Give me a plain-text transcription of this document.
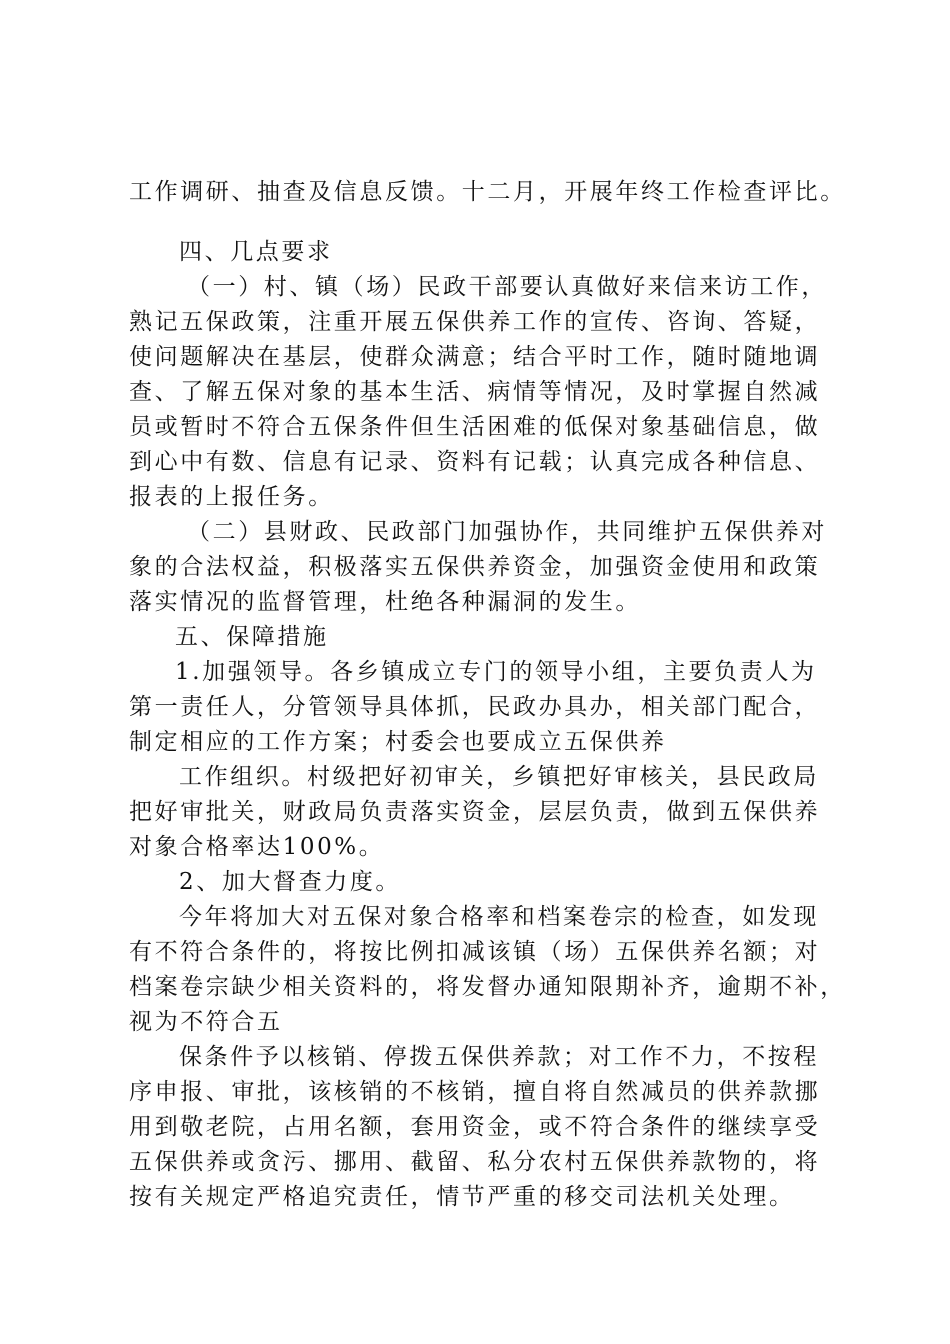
工作调研、抽查及信息反馈。十二月，开展年终工作检查评比。
四、几点要求
（一）村、镇（场）民政干部要认真做好来信来访工作，
熟记五保政策，注重开展五保供养工作的宣传、咨询、答疑，
使问题解决在基层，使群众满意；结合平时工作，随时随地调
查、了解五保对象的基本生活、病情等情况，及时掌握自然减
员或暂时不符合五保条件但生活困难的低保对象基础信息，做
到心中有数、信息有记录、资料有记载；认真完成各种信息、
报表的上报任务。
（二）县财政、民政部门加强协作，共同维护五保供养对
象的合法权益，积极落实五保供养资金，加强资金使用和政策
落实情况的监督管理，杜绝各种漏洞的发生。
五、保障措施
1.加强领导。各乡镇成立专门的领导小组，主要负责人为
第一责任人，分管领导具体抓，民政办具办，相关部门配合，
制定相应的工作方案；村委会也要成立五保供养
工作组织。村级把好初审关，乡镇把好审核关，县民政局
把好审批关，财政局负责落实资金，层层负责，做到五保供养
对象合格率达100%。
2、加大督查力度。
今年将加大对五保对象合格率和档案卷宗的检查，如发现
有不符合条件的，将按比例扣减该镇（场）五保供养名额；对
档案卷宗缺少相关资料的，将发督办通知限期补齐，逾期不补，
视为不符合五
保条件予以核销、停拨五保供养款；对工作不力，不按程
序申报、审批，该核销的不核销，擅自将自然减员的供养款挪
用到敬老院，占用名额，套用资金，或不符合条件的继续享受
五保供养或贪污、挪用、截留、私分农村五保供养款物的，将
按有关规定严格追究责任，情节严重的移交司法机关处理。
